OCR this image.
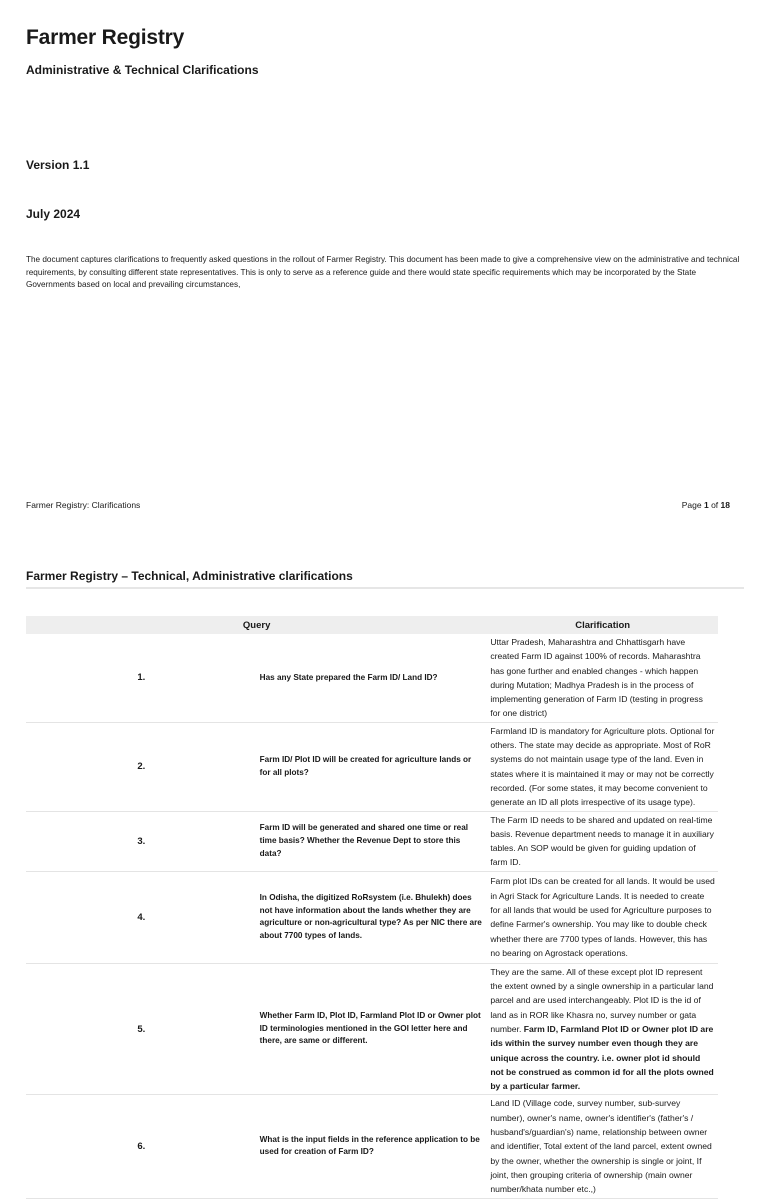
Farmer Registry
Administrative & Technical Clarifications
Version 1.1
July 2024
The document captures clarifications to frequently asked questions in the rollout of Farmer Registry. This document has been made to give a comprehensive view on the administrative and technical requirements, by consulting different state representatives. This is only to serve as a reference guide and there would state specific requirements which may be incorporated by the State Governments based on local and prevailing circumstances,
Farmer Registry: Clarifications	Page 1 of 18
Farmer Registry – Technical, Administrative clarifications
Query		Clarification
1.	Has any State prepared the Farm ID/ Land ID?	Uttar Pradesh, Maharashtra and Chhattisgarh have created Farm ID against 100% of records. Maharashtra has gone further and enabled changes - which happen during Mutation; Madhya Pradesh is in the process of implementing generation of Farm ID (testing in progress for one district)
2.	Farm ID/ Plot ID will be created for agriculture lands or for all plots?	Farmland ID is mandatory for Agriculture plots. Optional for others. The state may decide as appropriate. Most of RoR systems do not maintain usage type of the land. Even in states where it is maintained it may or may not be correctly recorded. (For some states, it may become convenient to generate an ID all plots irrespective of its usage type).
3.	Farm ID will be generated and shared one time or real time basis? Whether the Revenue Dept to store this data?	The Farm ID needs to be shared and updated on real-time basis. Revenue department needs to manage it in auxiliary tables. An SOP would be given for guiding updation of farm ID.
4.	In Odisha, the digitized RoRsystem (i.e. Bhulekh) does not have information about the lands whether they are agriculture or non-agricultural type? As per NIC there are about 7700 types of lands.	Farm plot IDs can be created for all lands. It would be used in Agri Stack for Agriculture Lands. It is needed to create for all lands that would be used for Agriculture purposes to define Farmer's ownership. You may like to double check whether there are 7700 types of lands. However, this has no bearing on Agrostack operations.
5.	Whether Farm ID, Plot ID, Farmland Plot ID or Owner plot ID terminologies mentioned in the GOI letter here and there, are same or different.	They are the same. All of these except plot ID represent the extent owned by a single ownership in a particular land parcel and are used interchangeably. Plot ID is the id of land as in ROR like Khasra no, survey number or gata number. Farm ID, Farmland Plot ID or Owner plot ID are ids within the survey number even though they are unique across the country. i.e. owner plot id should not be construed as common id for all the plots owned by a particular farmer.
6.	What is the input fields in the reference application to be used for creation of Farm ID?	Land ID (Village code, survey number, sub-survey number), owner's name, owner's identifier's (father's / husband's/guardian's) name, relationship between owner and identifier, Total extent of the land parcel, extent owned by the owner, whether the ownership is single or joint, If joint, then grouping criteria of ownership (main owner number/khata number etc.,)
